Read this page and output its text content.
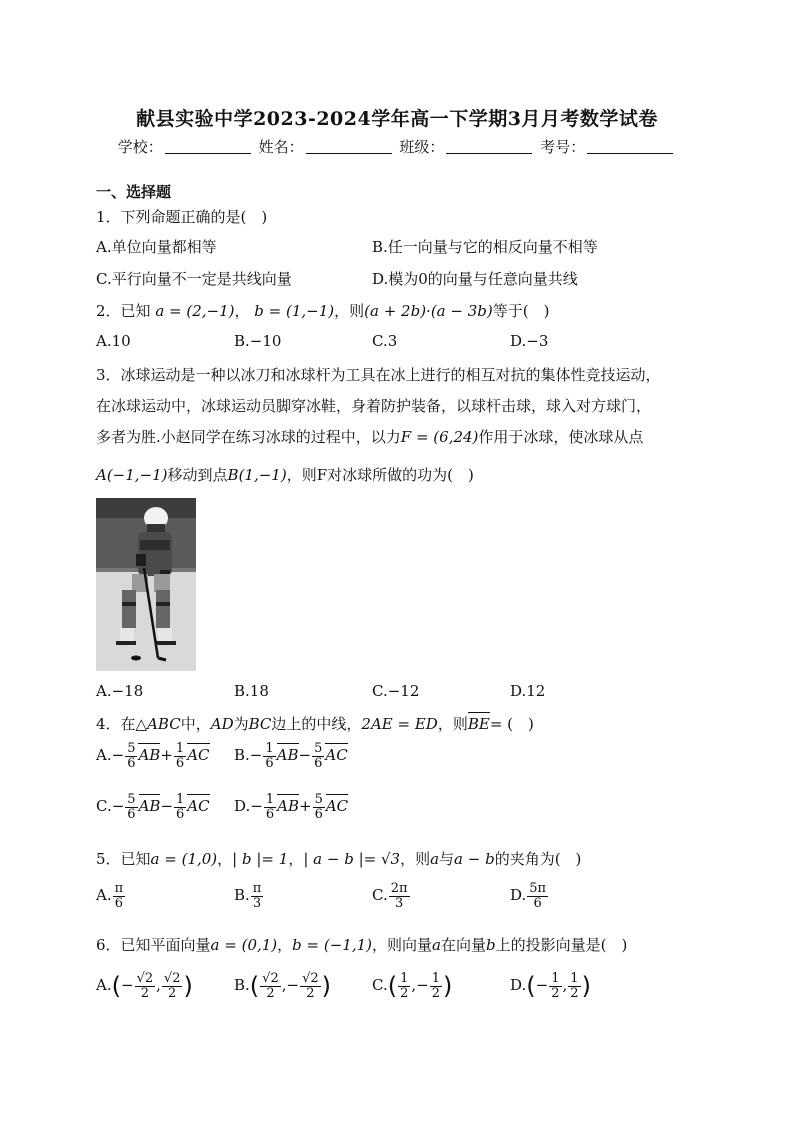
献县实验中学2023-2024学年高一下学期3月月考数学试卷
学校：	姓名：	班级：	考号：
一、选择题
1．下列命题正确的是(　)
A.单位向量都相等	B.任一向量与它的相反向量不相等
C.平行向量不一定是共线向量	D.模为0的向量与任意向量共线
2．已知 a = (2,−1)， b = (1,−1)，则(a + 2b)·(a − 3b)等于(　)
A.10	B.−10	C.3	D.−3
3．冰球运动是一种以冰刀和冰球杆为工具在冰上进行的相互对抗的集体性竞技运动，
在冰球运动中，冰球运动员脚穿冰鞋，身着防护装备，以球杆击球，球入对方球门，
多者为胜.小赵同学在练习冰球的过程中，以力F = (6,24)作用于冰球，使冰球从点
A(−1,−1)移动到点B(1,−1)，则F对冰球所做的功为(　)
A.−18	B.18	C.−12	D.12
4．在△ABC中，AD为BC边上的中线，2AE = ED，则BE= (　)
$A.- \frac{5}{6} AB+ \frac{1}{6}$ AC $B.- \frac{1}{6} AB- \frac{5}{6}$ AC
$C.- \frac{5}{6} AB- \frac{1}{6}$ AC $D.- \frac{1}{6} AB+ \frac{5}{6}$ AC
5．已知a = (1,0)，| b |= 1，| a − b |= √3，则a与a − b的夹角为(　)
A. $\frac{\pi}{6}$	B. $\frac{\pi}{3}$	C. $\frac{2\pi}{3}$	D. $\frac{5\pi}{6}$
6．已知平面向量a = (0,1)，b = (−1,1)，则向量a在向量b上的投影向量是(　)
$A.(- \frac{√2}{2}$ , $\frac{√2}{2}$ )	$B.( \frac{√2}{2}$ ,− $\frac{√2}{2}$ )	$C.( \frac{1}{2}$ ,− $\frac{1}{2}$ )	$D.(- \frac{1}{2}$ , $\frac{1}{2}$ )
